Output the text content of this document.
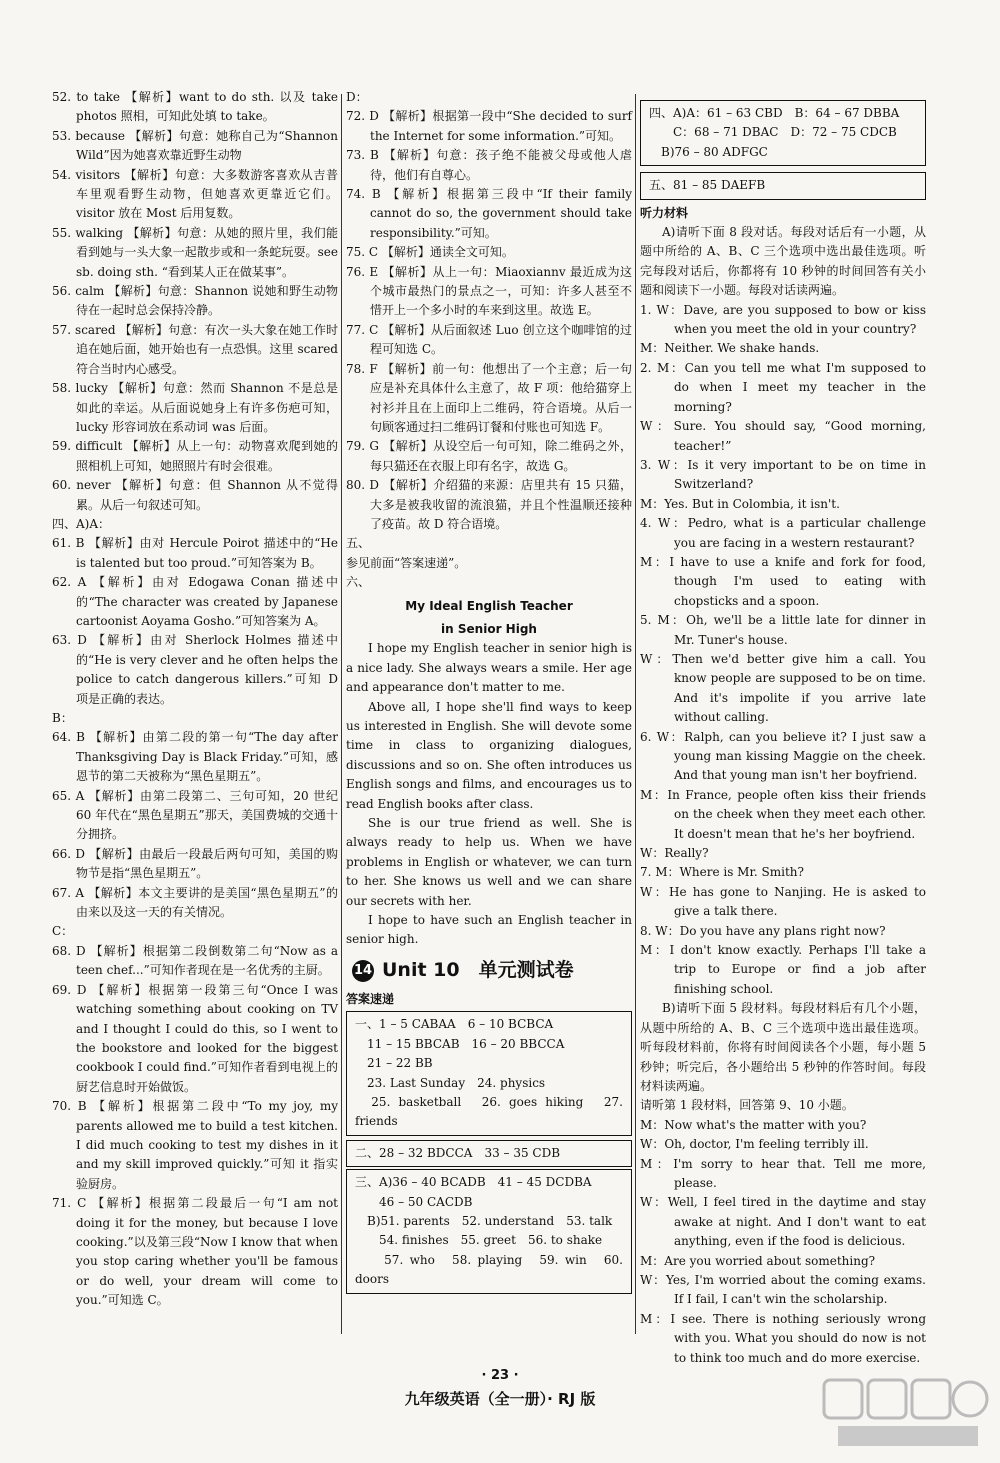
52. to take 【解析】want to do sth. 以及 take photos 照相，可知此处填 to take。

53. because 【解析】句意：她称自己为“Shannon Wild”因为她喜欢靠近野生动物

54. visitors 【解析】句意：大多数游客喜欢从吉普车里观看野生动物，但她喜欢更靠近它们。visitor 放在 Most 后用复数。

55. walking 【解析】句意：从她的照片里，我们能看到她与一头大象一起散步或和一条蛇玩耍。see sb. doing sth. “看到某人正在做某事”。

56. calm 【解析】句意：Shannon 说她和野生动物待在一起时总会保持冷静。

57. scared 【解析】句意：有次一头大象在她工作时追在她后面，她开始也有一点恐惧。这里 scared 符合当时内心感受。

58. lucky 【解析】句意：然而 Shannon 不是总是如此的幸运。从后面说她身上有许多伤疤可知，lucky 形容词放在系动词 was 后面。

59. difficult 【解析】从上一句：动物喜欢爬到她的照相机上可知，她照照片有时会很难。

60. never 【解析】句意：但 Shannon 从不觉得累。从后一句叙述可知。

四、A)A：

61. B 【解析】由对 Hercule Poirot 描述中的“He is talented but too proud.”可知答案为 B。

62. A 【解析】由对 Edogawa Conan 描述中的“The character was created by Japanese cartoonist Aoyama Gosho.”可知答案为 A。

63. D 【解析】由对 Sherlock Holmes 描述中的“He is very clever and he often helps the police to catch dangerous killers.”可知 D 项是正确的表达。

B：

64. B 【解析】由第二段的第一句“The day after Thanksgiving Day is Black Friday.”可知，感恩节的第二天被称为“黑色星期五”。

65. A 【解析】由第二段第二、三句可知，20 世纪 60 年代在“黑色星期五”那天，美国费城的交通十分拥挤。

66. D 【解析】由最后一段最后两句可知，美国的购物节是指“黑色星期五”。

67. A 【解析】本文主要讲的是美国“黑色星期五”的由来以及这一天的有关情况。

C：

68. D 【解析】根据第二段倒数第二句“Now as a teen chef...”可知作者现在是一名优秀的主厨。

69. D 【解析】根据第一段第三句“Once I was watching something about cooking on TV and I thought I could do this, so I went to the bookstore and looked for the biggest cookbook I could find.”可知作者看到电视上的厨艺信息时开始做饭。

70. B 【解析】根据第二段中“To my joy, my parents allowed me to build a test kitchen. I did much cooking to test my dishes in it and my skill improved quickly.”可知 it 指实验厨房。

71. C 【解析】根据第二段最后一句“I am not doing it for the money, but because I love cooking.”以及第三段“Now I know that when you stop caring whether you'll be famous or do well, your dream will come to you.”可知选 C。

D：

72. D 【解析】根据第一段中“She decided to surf the Internet for some information.”可知。

73. B 【解析】句意：孩子绝不能被父母或他人虐待，他们有自尊心。

74. B 【解析】根据第三段中“If their family cannot do so, the government should take responsibility.”可知。

75. C 【解析】通读全文可知。

76. E 【解析】从上一句：Miaoxiannv 最近成为这个城市最热门的景点之一，可知：许多人甚至不惜开上一个多小时的车来到这里。故选 E。

77. C 【解析】从后面叙述 Luo 创立这个咖啡馆的过程可知选 C。

78. F 【解析】前一句：他想出了一个主意；后一句应是补充具体什么主意了，故 F 项：他给猫穿上衬衫并且在上面印上二维码，符合语境。从后一句顾客通过扫二维码订餐和付账也可知选 F。

79. G 【解析】从设空后一句可知，除二维码之外，每只猫还在衣服上印有名字，故选 G。

80. D 【解析】介绍猫的来源：店里共有 15 只猫，大多是被我收留的流浪猫，并且个性温顺还接种了疫苗。故 D 符合语境。

五、

参见前面“答案速递”。

六、

My Ideal English Teacher
in Senior High

I hope my English teacher in senior high is a nice lady. She always wears a smile. Her age and appearance don't matter to me.

Above all, I hope she'll find ways to keep us interested in English. She will devote some time in class to organizing dialogues, discussions and so on. She often introduces us English songs and films, and encourages us to read English books after class.

She is our true friend as well. She is always ready to help us. When we have problems in English or whatever, we can turn to her. She knows us well and we can share our secrets with her.

I hope to have such an English teacher in senior high.

14 Unit 10　单元测试卷
答案速递

一、1 – 5 CABAA　6 – 10 BCBCA

　11 – 15 BBCAB　16 – 20 BBCCA

　21 – 22 BB

　23. Last Sunday　24. physics

　25. basketball　26. goes hiking　27. friends

二、28 – 32 BDCCA　33 – 35 CDB

三、A)36 – 40 BCADB　41 – 45 DCDBA

　　46 – 50 CACDB

　B)51. parents　52. understand　53. talk

　　54. finishes　55. greet　56. to shake

　　57. who　58. playing　59. win　60. doors

四、A)A：61 – 63 CBD　B：64 – 67 DBBA

　　C：68 – 71 DBAC　D：72 – 75 CDCB

　B)76 – 80 ADFGC

五、81 – 85 DAEFB
听力材料

A)请听下面 8 段对话。每段对话后有一小题，从题中所给的 A、B、C 三个选项中选出最佳选项。听完每段对话后，你都将有 10 秒钟的时间回答有关小题和阅读下一小题。每段对话读两遍。

1. W：Dave, are you supposed to bow or kiss when you meet the old in your country?

M：Neither. We shake hands.

2. M：Can you tell me what I'm supposed to do when I meet my teacher in the morning?

W：Sure. You should say, “Good morning, teacher!”

3. W：Is it very important to be on time in Switzerland?

M：Yes. But in Colombia, it isn't.

4. W：Pedro, what is a particular challenge you are facing in a western restaurant?

M：I have to use a knife and fork for food, though I'm used to eating with chopsticks and a spoon.

5. M：Oh, we'll be a little late for dinner in Mr. Tuner's house.

W：Then we'd better give him a call. You know people are supposed to be on time. And it's impolite if you arrive late without calling.

6. W：Ralph, can you believe it? I just saw a young man kissing Maggie on the cheek. And that young man isn't her boyfriend.

M：In France, people often kiss their friends on the cheek when they meet each other. It doesn't mean that he's her boyfriend.

W：Really?

7. M：Where is Mr. Smith?

W：He has gone to Nanjing. He is asked to give a talk there.

8. W：Do you have any plans right now?

M：I don't know exactly. Perhaps I'll take a trip to Europe or find a job after finishing school.

B)请听下面 5 段材料。每段材料后有几个小题，从题中所给的 A、B、C 三个选项中选出最佳选项。听每段材料前，你将有时间阅读各个小题，每小题 5 秒钟；听完后，各小题给出 5 秒钟的作答时间。每段材料读两遍。

请听第 1 段材料，回答第 9、10 小题。

M：Now what's the matter with you?

W：Oh, doctor, I'm feeling terribly ill.

M：I'm sorry to hear that. Tell me more, please.

W：Well, I feel tired in the daytime and stay awake at night. And I don't want to eat anything, even if the food is delicious.

M：Are you worried about something?

W：Yes, I'm worried about the coming exams. If I fail, I can't win the scholarship.

M：I see. There is nothing seriously wrong with you. What you should do now is not to think too much and do more exercise.

· 23 ·
九年级英语（全一册）· RJ 版
